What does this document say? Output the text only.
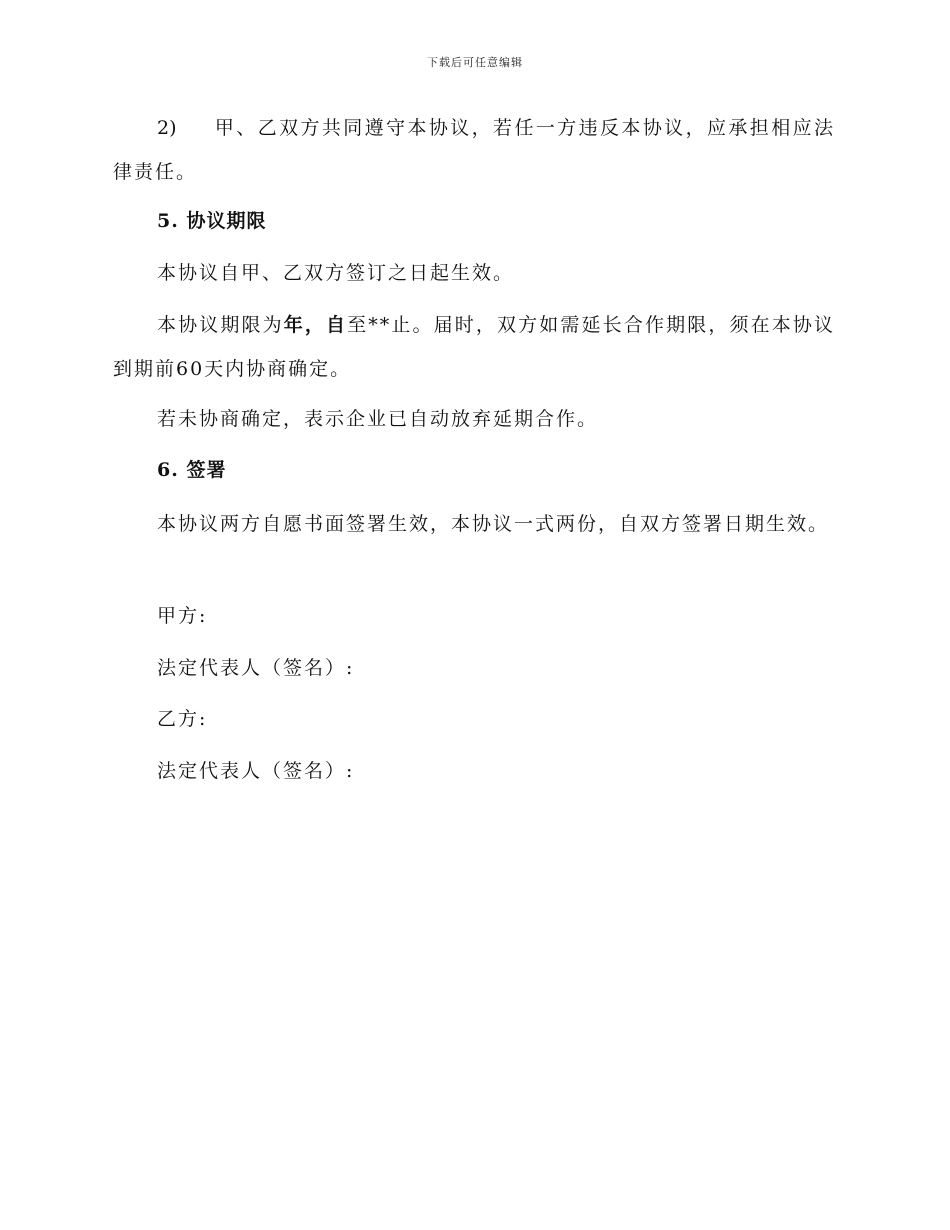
下载后可任意编辑

2) 甲、乙双方共同遵守本协议，若任一方违反本协议，应承担相应法律责任。

5. 协议期限
本协议自甲、乙双方签订之日起生效。

本协议期限为年，自至**止。届时，双方如需延长合作期限，须在本协议到期前60天内协商确定。

若未协商确定，表示企业已自动放弃延期合作。
6. 签署

本协议两方自愿书面签署生效，本协议一式两份，自双方签署日期生效。

甲方:
法定代表人（签名）:
乙方:
法定代表人（签名）:
